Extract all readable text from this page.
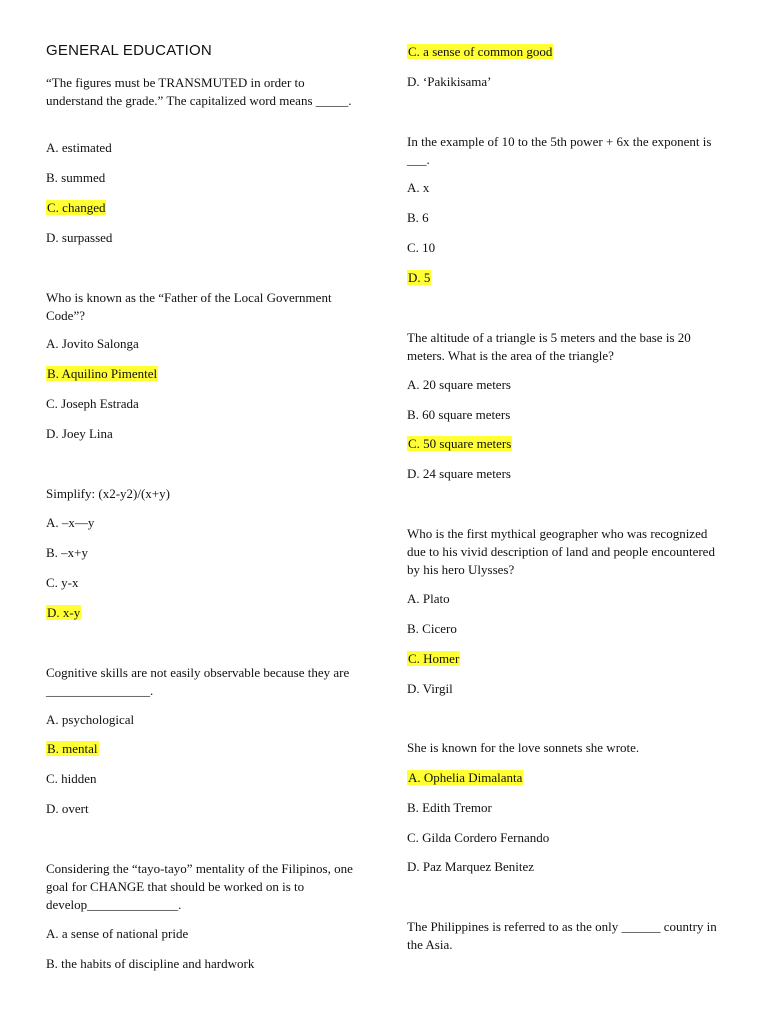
GENERAL EDUCATION
“The figures must be TRANSMUTED in order to understand the grade.” The capitalized word means _____.
A. estimated
B. summed
C. changed
D. surpassed
Who is known as the “Father of the Local Government Code”?
A. Jovito Salonga
B. Aquilino Pimentel
C. Joseph Estrada
D. Joey Lina
Simplify: (x2-y2)/(x+y)
A. –x—y
B. –x+y
C. y-x
D. x-y
Cognitive skills are not easily observable because they are ________________.
A. psychological
B. mental
C. hidden
D. overt
Considering the “tayo-tayo” mentality of the Filipinos, one goal for CHANGE that should be worked on is to develop______________.
A. a sense of national pride
B. the habits of discipline and hardwork
C. a sense of common good
D. ‘Pakikisama’
In the example of 10 to the 5th power + 6x the exponent is ___.
A. x
B. 6
C. 10
D. 5
The altitude of a triangle is 5 meters and the base is 20 meters. What is the area of the triangle?
A. 20 square meters
B. 60 square meters
C. 50 square meters
D. 24 square meters
Who is the first mythical geographer who was recognized due to his vivid description of land and people encountered by his hero Ulysses?
A. Plato
B. Cicero
C. Homer
D. Virgil
She is known for the love sonnets she wrote.
A. Ophelia Dimalanta
B. Edith Tremor
C. Gilda Cordero Fernando
D. Paz Marquez Benitez
The Philippines is referred to as the only ______ country in the Asia.
